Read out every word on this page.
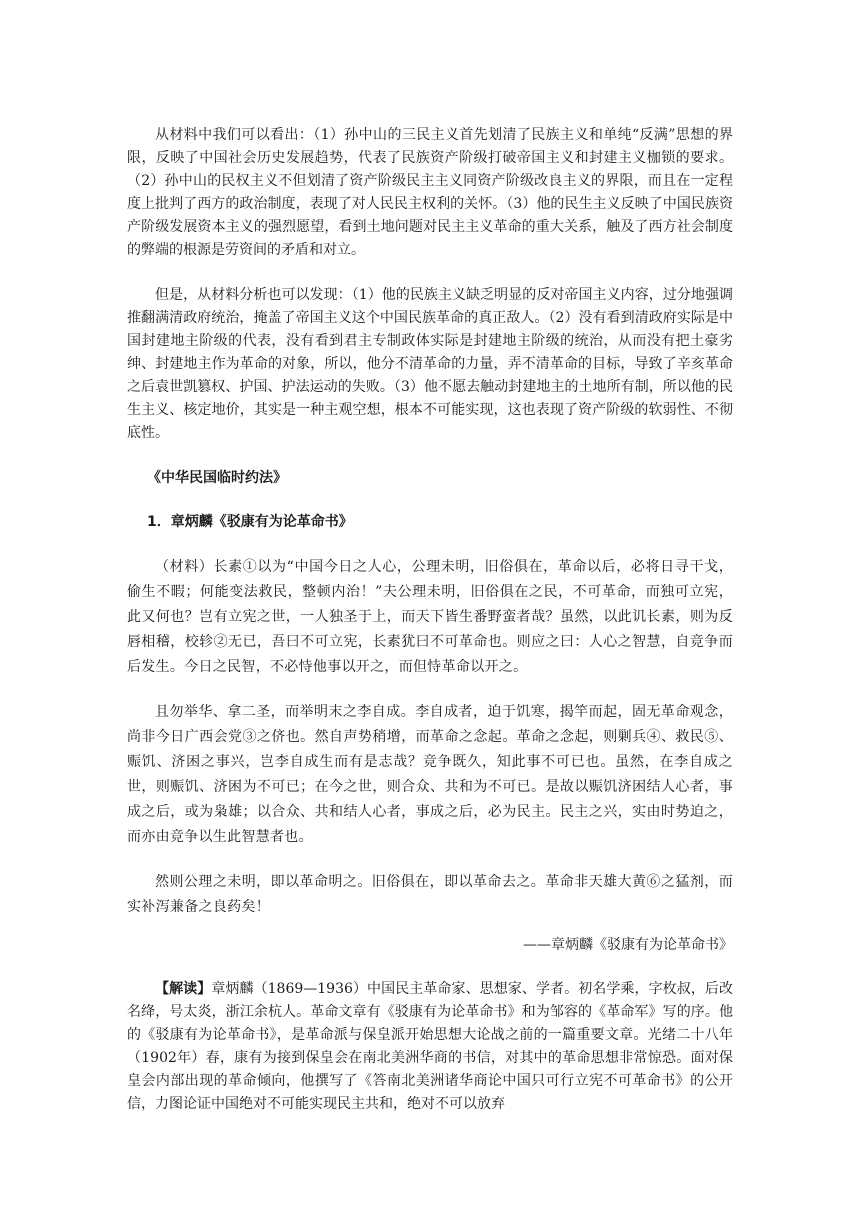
从材料中我们可以看出：（1）孙中山的三民主义首先划清了民族主义和单纯“反满”思想的界限，反映了中国社会历史发展趋势，代表了民族资产阶级打破帝国主义和封建主义枷锁的要求。（2）孙中山的民权主义不但划清了资产阶级民主主义同资产阶级改良主义的界限，而且在一定程度上批判了西方的政治制度，表现了对人民民主权利的关怀。（3）他的民生主义反映了中国民族资产阶级发展资本主义的强烈愿望，看到土地问题对民主主义革命的重大关系，触及了西方社会制度的弊端的根源是劳资间的矛盾和对立。

但是，从材料分析也可以发现：（1）他的民族主义缺乏明显的反对帝国主义内容，过分地强调推翻满清政府统治，掩盖了帝国主义这个中国民族革命的真正敌人。（2）没有看到清政府实际是中国封建地主阶级的代表，没有看到君主专制政体实际是封建地主阶级的统治，从而没有把土豪劣绅、封建地主作为革命的对象，所以，他分不清革命的力量，弄不清革命的目标，导致了辛亥革命之后袁世凯篡权、护国、护法运动的失败。（3）他不愿去触动封建地主的土地所有制，所以他的民生主义、核定地价，其实是一种主观空想，根本不可能实现，这也表现了资产阶级的软弱性、不彻底性。

《中华民国临时约法》

1．章炳麟《驳康有为论革命书》

（材料）长素①以为“中国今日之人心，公理未明，旧俗俱在，革命以后，必将日寻干戈，偷生不暇；何能变法救民，整顿内治！”夫公理未明，旧俗俱在之民，不可革命，而独可立宪，此又何也？岂有立宪之世，一人独圣于上，而天下皆生番野蛮者哉？虽然，以此讥长素，则为反唇相稽，校轸②无已，吾曰不可立宪，长素犹曰不可革命也。则应之曰：人心之智慧，自竞争而后发生。今日之民智，不必恃他事以开之，而但恃革命以开之。

且勿举华、拿二圣，而举明末之李自成。李自成者，迫于饥寒，揭竿而起，固无革命观念，尚非今日广西会党③之侪也。然自声势稍增，而革命之念起。革命之念起，则剿兵④、救民⑤、赈饥、济困之事兴，岂李自成生而有是志哉？竞争既久，知此事不可已也。虽然，在李自成之世，则赈饥、济困为不可已；在今之世，则合众、共和为不可已。是故以赈饥济困结人心者，事成之后，或为枭雄；以合众、共和结人心者，事成之后，必为民主。民主之兴，实由时势迫之，而亦由竞争以生此智慧者也。

然则公理之未明，即以革命明之。旧俗俱在，即以革命去之。革命非天雄大黄⑥之猛剂，而实补泻兼备之良药矣！

——章炳麟《驳康有为论革命书》

【解读】章炳麟（1869—1936）中国民主革命家、思想家、学者。初名学乘，字枚叔，后改名绛，号太炎，浙江余杭人。革命文章有《驳康有为论革命书》和为邹容的《革命军》写的序。他的《驳康有为论革命书》，是革命派与保皇派开始思想大论战之前的一篇重要文章。光绪二十八年（1902年）春，康有为接到保皇会在南北美洲华商的书信，对其中的革命思想非常惊恐。面对保皇会内部出现的革命倾向，他撰写了《答南北美洲诸华商论中国只可行立宪不可革命书》的公开信，力图论证中国绝对不可能实现民主共和，绝对不可以放弃
